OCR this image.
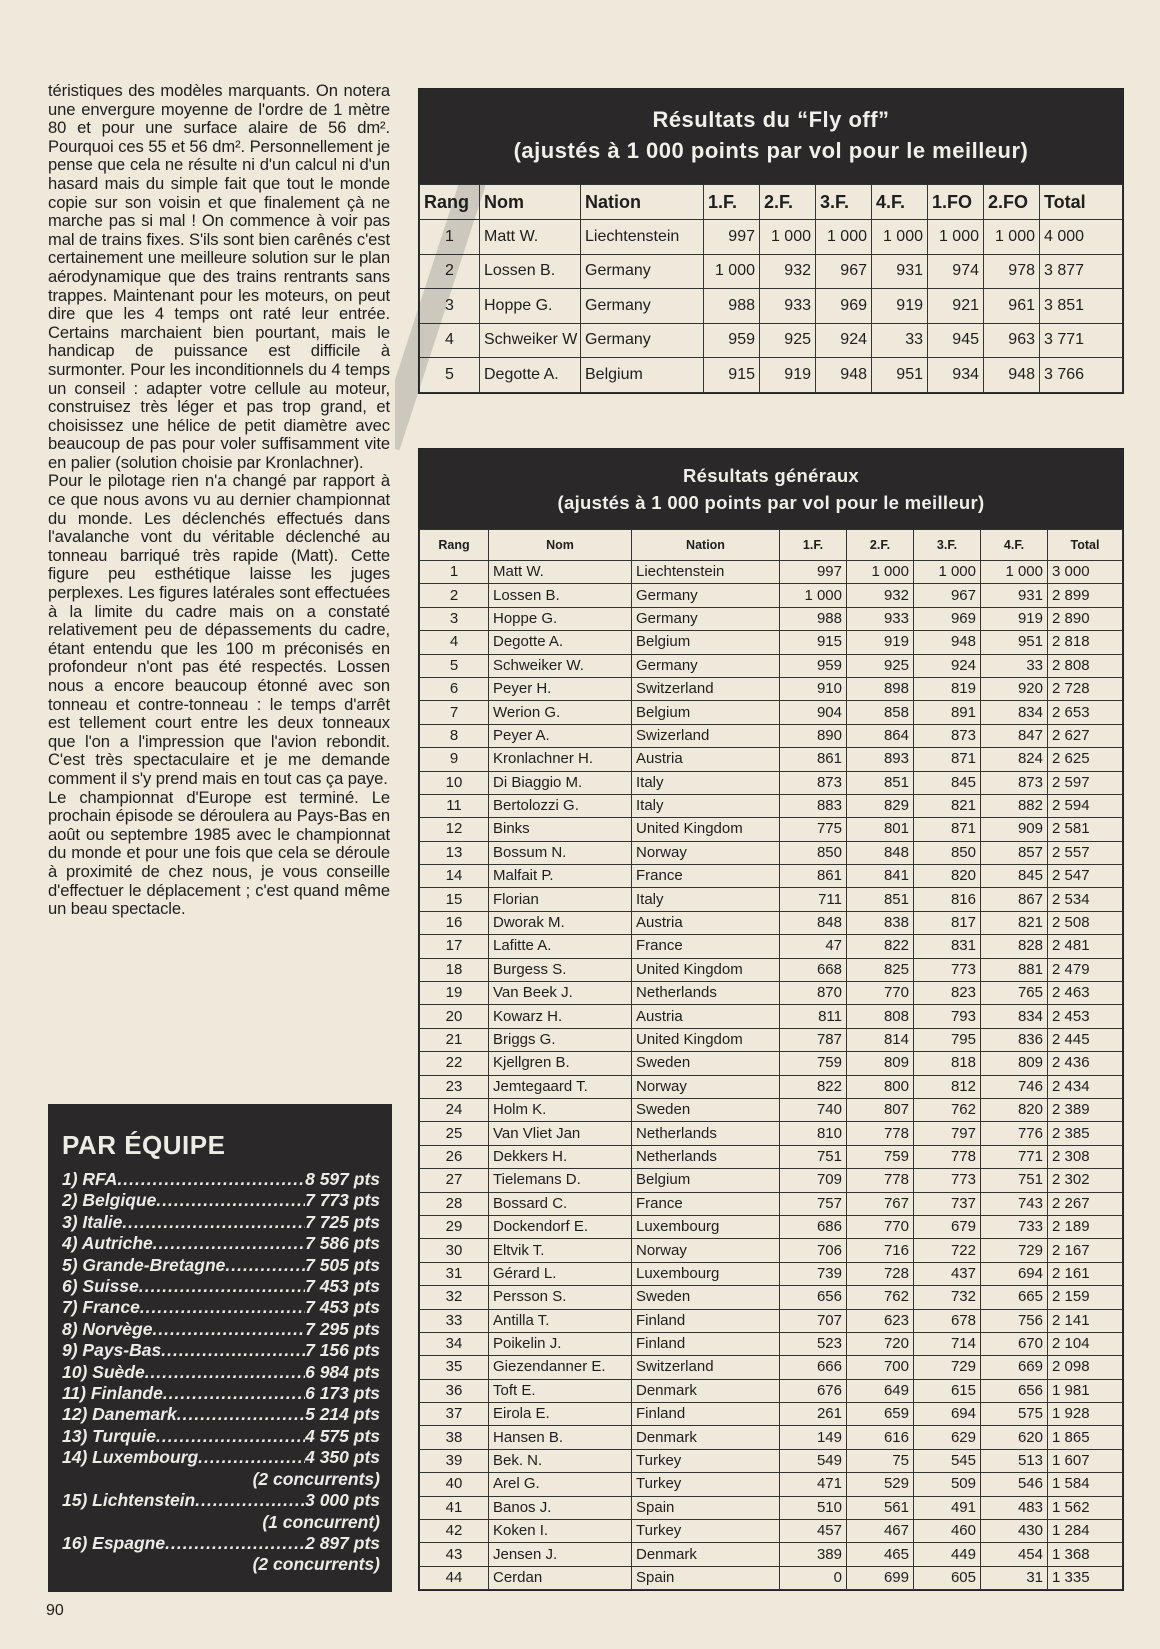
téristiques des modèles marquants. On notera une envergure moyenne de l'ordre de 1 mètre 80 et pour une surface alaire de 56 dm². Pourquoi ces 55 et 56 dm². Personnellement je pense que cela ne résulte ni d'un calcul ni d'un hasard mais du simple fait que tout le monde copie sur son voisin et que finalement çà ne marche pas si mal ! On commence à voir pas mal de trains fixes. S'ils sont bien carênés c'est certainement une meilleure solution sur le plan aérodynamique que des trains rentrants sans trappes. Maintenant pour les moteurs, on peut dire que les 4 temps ont raté leur entrée. Certains marchaient bien pourtant, mais le handicap de puissance est difficile à surmonter. Pour les inconditionnels du 4 temps un conseil : adapter votre cellule au moteur, construisez très léger et pas trop grand, et choisissez une hélice de petit diamètre avec beaucoup de pas pour voler suffisamment vite en palier (solution choisie par Kronlachner).

Pour le pilotage rien n'a changé par rapport à ce que nous avons vu au dernier championnat du monde. Les déclenchés effectués dans l'avalanche vont du véritable déclenché au tonneau barriqué très rapide (Matt). Cette figure peu esthétique laisse les juges perplexes. Les figures latérales sont effectuées à la limite du cadre mais on a constaté relativement peu de dépassements du cadre, étant entendu que les 100 m préconisés en profondeur n'ont pas été respectés. Lossen nous a encore beaucoup étonné avec son tonneau et contre-tonneau : le temps d'arrêt est tellement court entre les deux tonneaux que l'on a l'impression que l'avion rebondit. C'est très spectaculaire et je me demande comment il s'y prend mais en tout cas ça paye.

Le championnat d'Europe est terminé. Le prochain épisode se déroulera au Pays-Bas en août ou septembre 1985 avec le championnat du monde et pour une fois que cela se déroule à proximité de chez nous, je vous conseille d'effectuer le déplacement ; c'est quand même un beau spectacle.

PAR ÉQUIPE
1) RFA .....	8 597 pts
2) Belgique .....	7 773 pts
3) Italie .....	7 725 pts
4) Autriche .....	7 586 pts
5) Grande-Bretagne .....	7 505 pts
6) Suisse .....	7 453 pts
7) France .....	7 453 pts
8) Norvège .....	7 295 pts
9) Pays-Bas .....	7 156 pts
10) Suède .....	6 984 pts
11) Finlande .....	6 173 pts
12) Danemark .....	5 214 pts
13) Turquie .....	4 575 pts
14) Luxembourg .....	4 350 pts
(2 concurrents)
15) Lichtenstein .....	3 000 pts
(1 concurrent)
16) Espagne .....	2 897 pts
(2 concurrents)
90
Résultats du “Fly off”
(ajustés à 1 000 points par vol pour le meilleur)
Rang	Nom	Nation	1.F.	2.F.	3.F.	4.F.	1.FO	2.FO	Total
1	Matt W.	Liechtenstein	997	1 000	1 000	1 000	1 000	1 000	4 000
2	Lossen B.	Germany	1 000	932	967	931	974	978	3 877
3	Hoppe G.	Germany	988	933	969	919	921	961	3 851
4	Schweiker W	Germany	959	925	924	33	945	963	3 771
5	Degotte A.	Belgium	915	919	948	951	934	948	3 766
Résultats généraux
(ajustés à 1 000 points par vol pour le meilleur)
Rang	Nom	Nation	1.F.	2.F.	3.F.	4.F.	Total
1	Matt W.	Liechtenstein	997	1 000	1 000	1 000	3 000
2	Lossen B.	Germany	1 000	932	967	931	2 899
3	Hoppe G.	Germany	988	933	969	919	2 890
4	Degotte A.	Belgium	915	919	948	951	2 818
5	Schweiker W.	Germany	959	925	924	33	2 808
6	Peyer H.	Switzerland	910	898	819	920	2 728
7	Werion G.	Belgium	904	858	891	834	2 653
8	Peyer A.	Swizerland	890	864	873	847	2 627
9	Kronlachner H.	Austria	861	893	871	824	2 625
10	Di Biaggio M.	Italy	873	851	845	873	2 597
11	Bertolozzi G.	Italy	883	829	821	882	2 594
12	Binks	United Kingdom	775	801	871	909	2 581
13	Bossum N.	Norway	850	848	850	857	2 557
14	Malfait P.	France	861	841	820	845	2 547
15	Florian	Italy	711	851	816	867	2 534
16	Dworak M.	Austria	848	838	817	821	2 508
17	Lafitte A.	France	47	822	831	828	2 481
18	Burgess S.	United Kingdom	668	825	773	881	2 479
19	Van Beek J.	Netherlands	870	770	823	765	2 463
20	Kowarz H.	Austria	811	808	793	834	2 453
21	Briggs G.	United Kingdom	787	814	795	836	2 445
22	Kjellgren B.	Sweden	759	809	818	809	2 436
23	Jemtegaard T.	Norway	822	800	812	746	2 434
24	Holm K.	Sweden	740	807	762	820	2 389
25	Van Vliet Jan	Netherlands	810	778	797	776	2 385
26	Dekkers H.	Netherlands	751	759	778	771	2 308
27	Tielemans D.	Belgium	709	778	773	751	2 302
28	Bossard C.	France	757	767	737	743	2 267
29	Dockendorf E.	Luxembourg	686	770	679	733	2 189
30	Eltvik T.	Norway	706	716	722	729	2 167
31	Gérard L.	Luxembourg	739	728	437	694	2 161
32	Persson S.	Sweden	656	762	732	665	2 159
33	Antilla T.	Finland	707	623	678	756	2 141
34	Poikelin J.	Finland	523	720	714	670	2 104
35	Giezendanner E.	Switzerland	666	700	729	669	2 098
36	Toft E.	Denmark	676	649	615	656	1 981
37	Eirola E.	Finland	261	659	694	575	1 928
38	Hansen B.	Denmark	149	616	629	620	1 865
39	Bek. N.	Turkey	549	75	545	513	1 607
40	Arel G.	Turkey	471	529	509	546	1 584
41	Banos J.	Spain	510	561	491	483	1 562
42	Koken I.	Turkey	457	467	460	430	1 284
43	Jensen J.	Denmark	389	465	449	454	1 368
44	Cerdan	Spain	0	699	605	31	1 335
